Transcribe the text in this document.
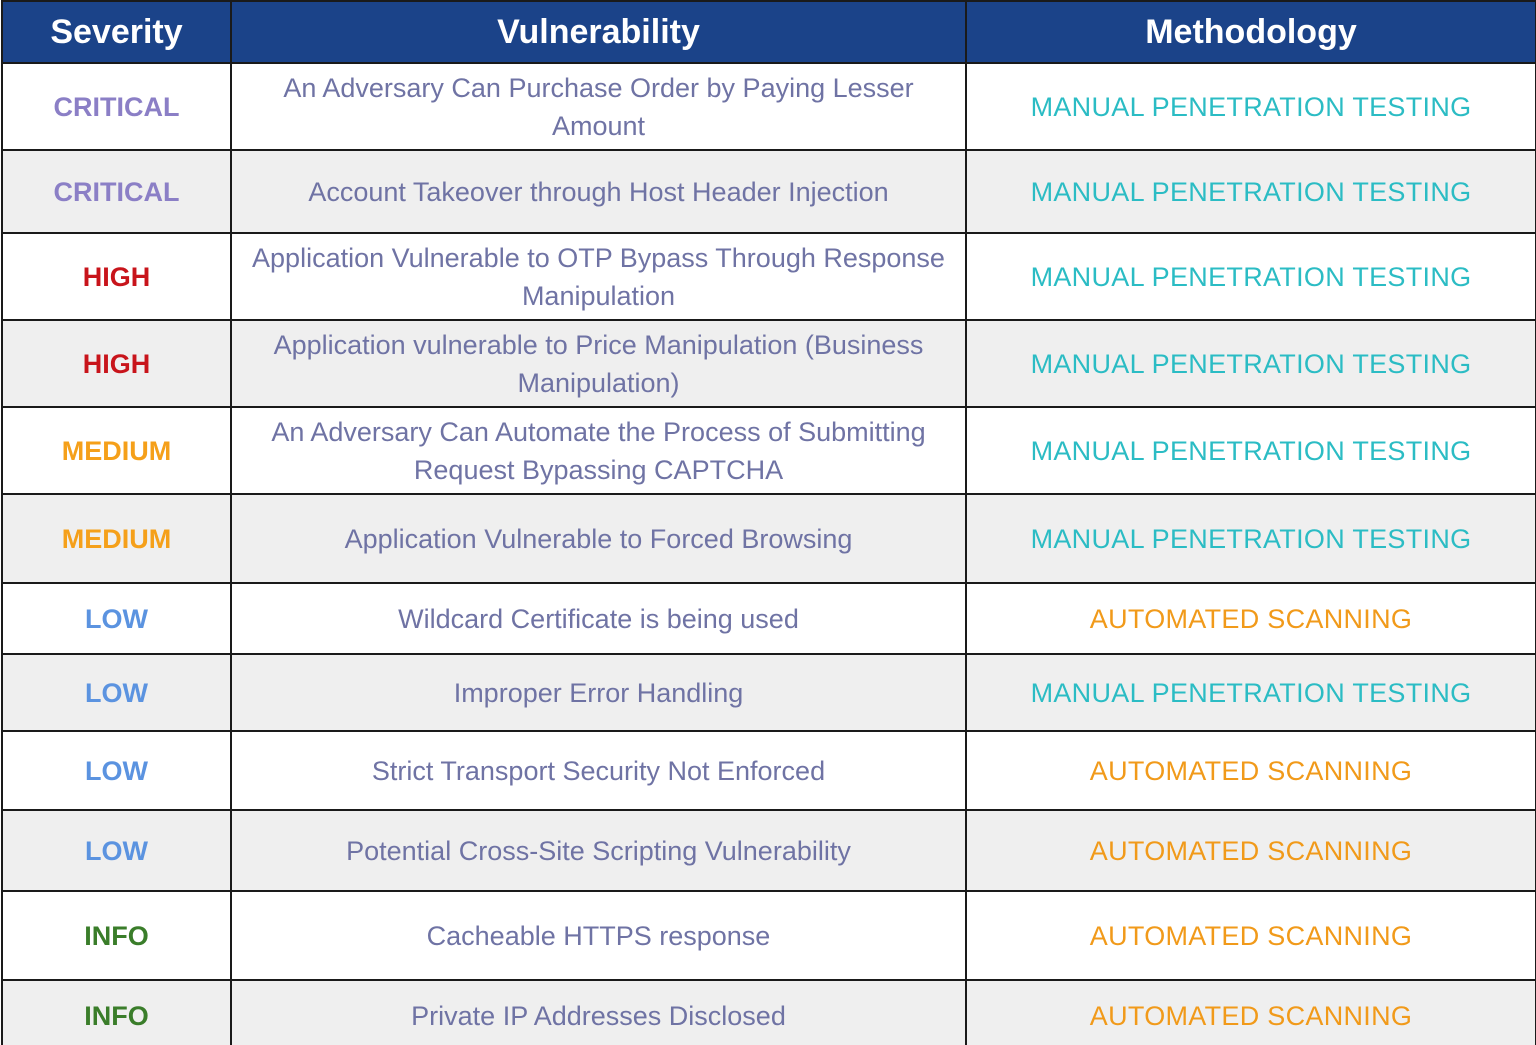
Severity	Vulnerability	Methodology
CRITICAL	An Adversary Can Purchase Order by Paying Lesser Amount	MANUAL PENETRATION TESTING
CRITICAL	Account Takeover through Host Header Injection	MANUAL PENETRATION TESTING
HIGH	Application Vulnerable to OTP Bypass Through Response Manipulation	MANUAL PENETRATION TESTING
HIGH	Application vulnerable to Price Manipulation (Business Manipulation)	MANUAL PENETRATION TESTING
MEDIUM	An Adversary Can Automate the Process of Submitting Request Bypassing CAPTCHA	MANUAL PENETRATION TESTING
MEDIUM	Application Vulnerable to Forced Browsing	MANUAL PENETRATION TESTING
LOW	Wildcard Certificate is being used	AUTOMATED SCANNING
LOW	Improper Error Handling	MANUAL PENETRATION TESTING
LOW	Strict Transport Security Not Enforced	AUTOMATED SCANNING
LOW	Potential Cross-Site Scripting Vulnerability	AUTOMATED SCANNING
INFO	Cacheable HTTPS response	AUTOMATED SCANNING
INFO	Private IP Addresses Disclosed	AUTOMATED SCANNING
